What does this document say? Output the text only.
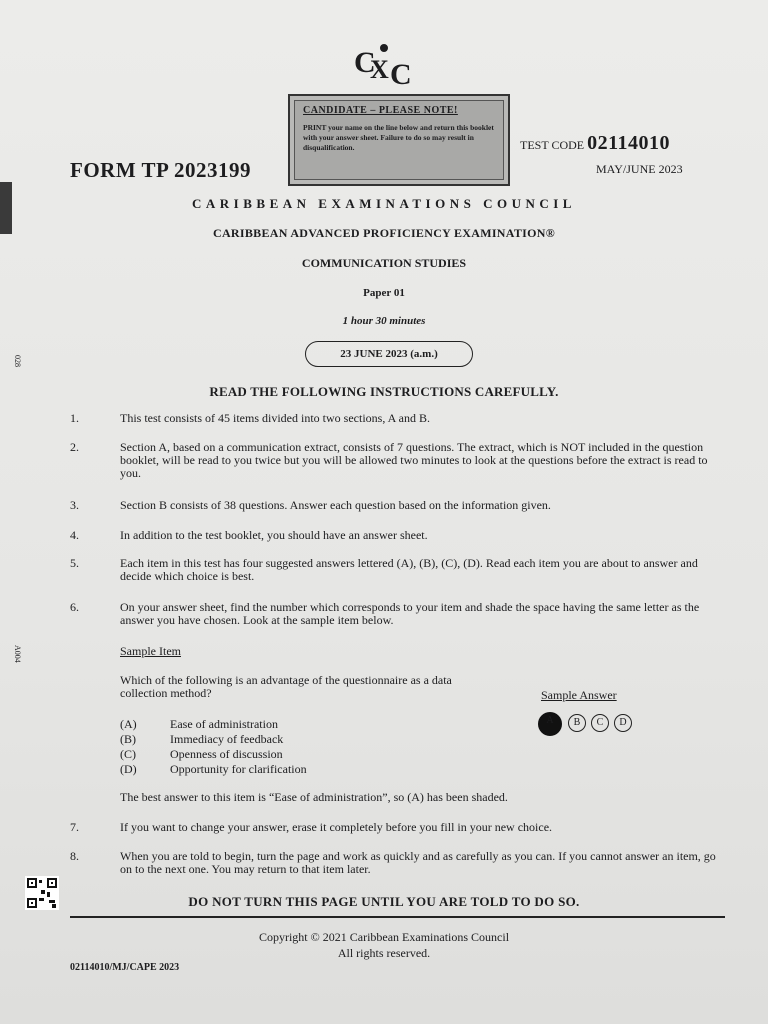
028
A004
C
X C
CANDIDATE – PLEASE NOTE!
PRINT your name on the line below and return this booklet with your answer sheet. Failure to do so may result in disqualification.
FORM TP 2023199
TEST CODE 02114010
MAY/JUNE 2023
CARIBBEAN EXAMINATIONS COUNCIL
CARIBBEAN ADVANCED PROFICIENCY EXAMINATION®
COMMUNICATION STUDIES
Paper 01
1 hour 30 minutes
23 JUNE 2023 (a.m.)
READ THE FOLLOWING INSTRUCTIONS CAREFULLY.
1.	This test consists of 45 items divided into two sections, A and B.
2.	Section A, based on a communication extract, consists of 7 questions. The extract, which is NOT included in the question booklet, will be read to you twice but you will be allowed two minutes to look at the questions before the extract is read to you.
3.	Section B consists of 38 questions. Answer each question based on the information given.
4.	In addition to the test booklet, you should have an answer sheet.
5.	Each item in this test has four suggested answers lettered (A), (B), (C), (D). Read each item you are about to answer and decide which choice is best.
6.	On your answer sheet, find the number which corresponds to your item and shade the space having the same letter as the answer you have chosen. Look at the sample item below.
Sample Item
Which of the following is an advantage of the questionnaire as a data collection method?	Sample Answer
(A)	Ease of administration
(B)	Immediacy of feedback
(C)	Openness of discussion
(D)	Opportunity for clarification
A	B	C	D
The best answer to this item is “Ease of administration”, so (A) has been shaded.
7.	If you want to change your answer, erase it completely before you fill in your new choice.
8.	When you are told to begin, turn the page and work as quickly and as carefully as you can. If you cannot answer an item, go on to the next one. You may return to that item later.
DO NOT TURN THIS PAGE UNTIL YOU ARE TOLD TO DO SO.
Copyright © 2021 Caribbean Examinations Council
All rights reserved.
02114010/MJ/CAPE 2023
